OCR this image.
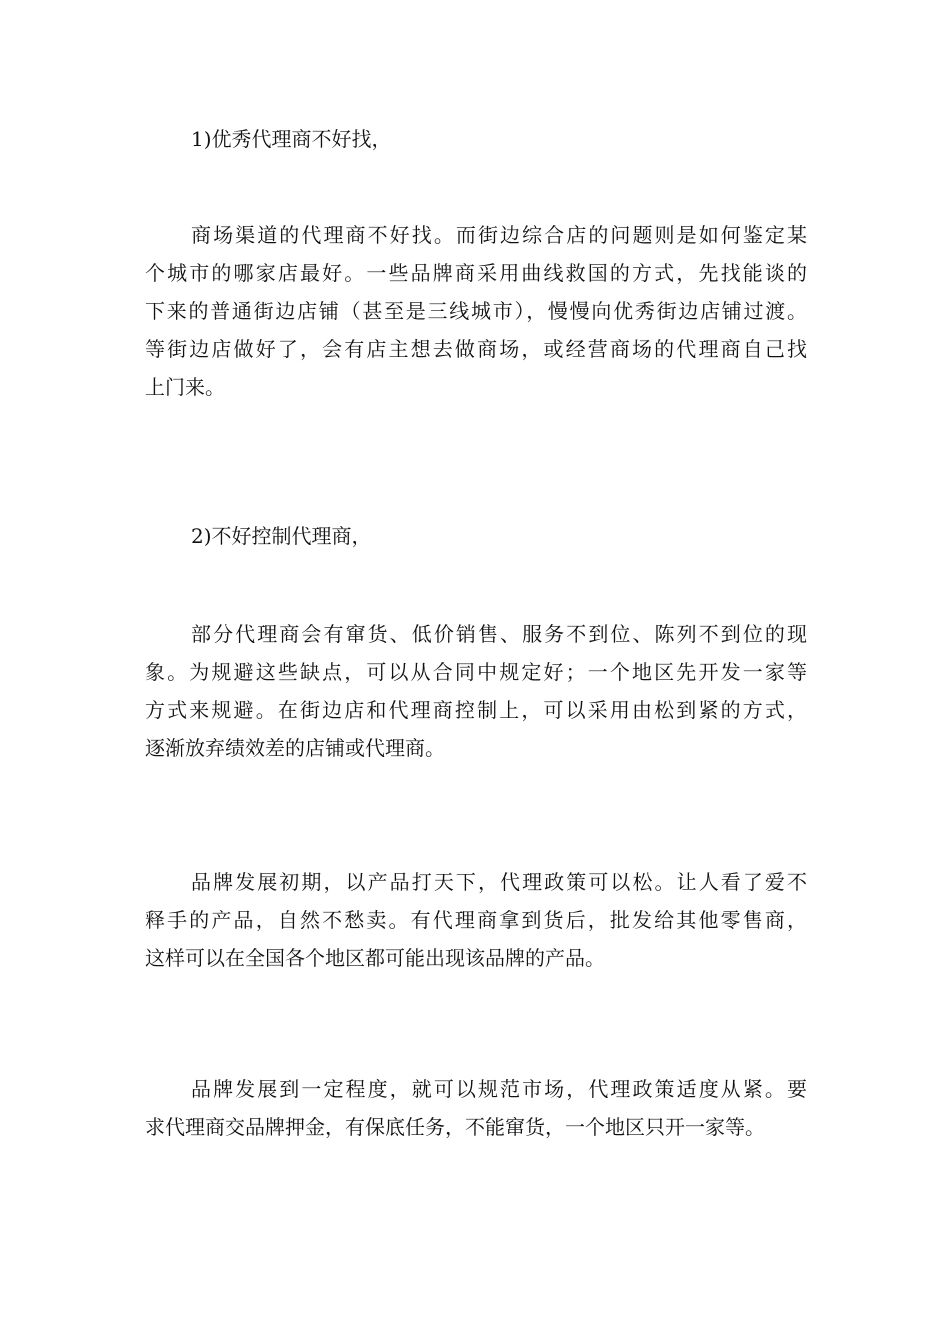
1)优秀代理商不好找，
商场渠道的代理商不好找。而街边综合店的问题则是如何鉴定某
个城市的哪家店最好。一些品牌商采用曲线救国的方式，先找能谈的
下来的普通街边店铺（甚至是三线城市），慢慢向优秀街边店铺过渡。
等街边店做好了，会有店主想去做商场，或经营商场的代理商自己找
上门来。
2)不好控制代理商，
部分代理商会有窜货、低价销售、服务不到位、陈列不到位的现
象。为规避这些缺点，可以从合同中规定好；一个地区先开发一家等
方式来规避。在街边店和代理商控制上，可以采用由松到紧的方式，
逐渐放弃绩效差的店铺或代理商。
品牌发展初期，以产品打天下，代理政策可以松。让人看了爱不
释手的产品，自然不愁卖。有代理商拿到货后，批发给其他零售商，
这样可以在全国各个地区都可能出现该品牌的产品。
品牌发展到一定程度，就可以规范市场，代理政策适度从紧。要
求代理商交品牌押金，有保底任务，不能窜货，一个地区只开一家等。
